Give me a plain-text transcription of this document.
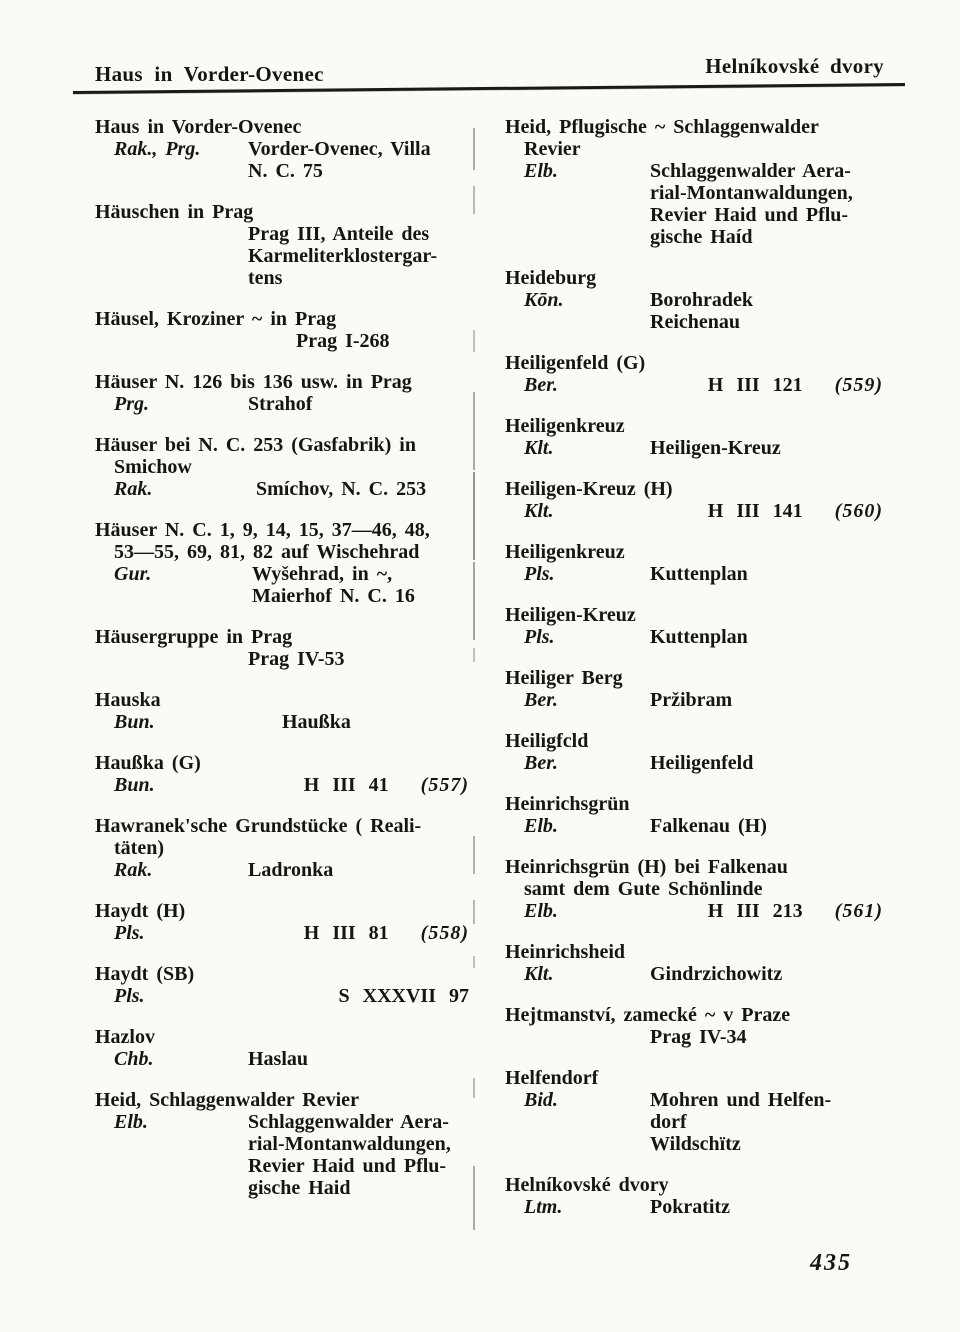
Haus in Vorder-Ovenec	Helníkovské dvory
Haus in Vorder-Ovenec
Rak., Prg. Vorder-Ovenec, Villa
N. C. 75
Häuschen in Prag
Prag III, Anteile des
Karmeliterklostergar-
tens
Häusel, Kroziner ~ in Prag
Prag I-268
Häuser N. 126 bis 136 usw. in Prag
Prg.	Strahof
Häuser bei N. C. 253 (Gasfabrik) in
Smichow
Rak.	Smíchov, N. C. 253
Häuser N. C. 1, 9, 14, 15, 37—46, 48,
53—55, 69, 81, 82 auf Wischehrad
Gur.	Wyšehrad, in ~,
Maierhof N. C. 16
Häusergruppe in Prag
Prag IV-53
Hauska
Bun.	Haußka
Haußka (G)
Bun.	H III 41 (557)
Hawranek'sche Grundstücke ( Reali-
täten)
Rak.	Ladronka
Haydt (H)
Pls.	H III 81 (558)
Haydt (SB)
Pls.	S XXXVII 97
Hazlov
Chb.	Haslau
Heid, Schlaggenwalder Revier
Elb.	Schlaggenwalder Aera-
rial-Montanwaldungen,
Revier Haid und Pflu-
gische Haid
Heid, Pflugische ~ Schlaggenwalder
Revier
Elb.	Schlaggenwalder Aera-
rial-Montanwaldungen,
Revier Haid und Pflu-
gische Haíd
Heideburg
Kōn.	Borohradek
Reichenau
Heiligenfeld (G)
Ber.	H III 121 (559)
Heiligenkreuz
Klt.	Heiligen-Kreuz
Heiligen-Kreuz (H)
Klt.	H III 141 (560)
Heiligenkreuz
Pls.	Kuttenplan
Heiligen-Kreuz
Pls.	Kuttenplan
Heiliger Berg
Ber.	Pržibram
Heiligfcld
Ber.	Heiligenfeld
Heinrichsgrün
Elb.	Falkenau (H)
Heinrichsgrün (H) bei Falkenau
samt dem Gute Schönlinde
Elb.	H III 213 (561)
Heinrichsheid
Klt.	Gindrzichowitz
Hejtmanství, zamecké ~ v Praze
Prag IV-34
Helfendorf
Bid.	Mohren und Helfen-
dorf
Wildschïtz
Helníkovské dvory
Ltm.	Pokratitz
435
